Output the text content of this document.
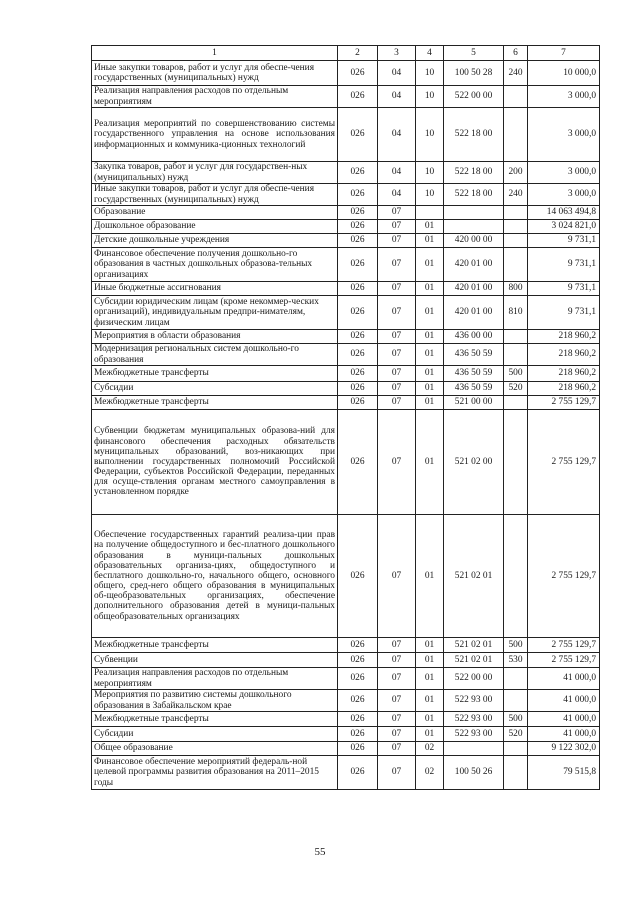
1	2	3	4	5	6	7
Иные закупки товаров, работ и услуг для обеспе-чения государственных (муниципальных) нужд	026	04	10	100 50 28	240	10 000,0
Реализация направления расходов по отдельным мероприятиям	026	04	10	522 00 00		3 000,0
Реализация мероприятий по совершенствованию системы государственного управления на основе использования информационных и коммуника-ционных технологий	026	04	10	522 18 00		3 000,0
Закупка товаров, работ и услуг для государствен-ных (муниципальных) нужд	026	04	10	522 18 00	200	3 000,0
Иные закупки товаров, работ и услуг для обеспе-чения государственных (муниципальных) нужд	026	04	10	522 18 00	240	3 000,0
Образование	026	07				14 063 494,8
Дошкольное образование	026	07	01			3 024 821,0
Детские дошкольные учреждения	026	07	01	420 00 00		9 731,1
Финансовое обеспечение получения дошкольно-го образования в частных дошкольных образова-тельных организациях	026	07	01	420 01 00		9 731,1
Иные бюджетные ассигнования	026	07	01	420 01 00	800	9 731,1
Субсидии юридическим лицам (кроме некоммер-ческих организаций), индивидуальным предпри-нимателям, физическим лицам	026	07	01	420 01 00	810	9 731,1
Мероприятия в области образования	026	07	01	436 00 00		218 960,2
Модернизация региональных систем дошкольно-го образования	026	07	01	436 50 59		218 960,2
Межбюджетные трансферты	026	07	01	436 50 59	500	218 960,2
Субсидии	026	07	01	436 50 59	520	218 960,2
Межбюджетные трансферты	026	07	01	521 00 00		2 755 129,7
Субвенции бюджетам муниципальных образова-ний для финансового обеспечения расходных обязательств муниципальных образований, воз-никающих при выполнении государственных полномочий Российской Федерации, субъектов Российской Федерации, переданных для осуще-ствления органам местного самоуправления в установленном порядке	026	07	01	521 02 00		2 755 129,7
Обеспечение государственных гарантий реализа-ции прав на получение общедоступного и бес-платного дошкольного образования в муници-пальных дошкольных образовательных организа-циях, общедоступного и бесплатного дошкольно-го, начального общего, основного общего, сред-него общего образования в муниципальных об-щеобразовательных организациях, обеспечение дополнительного образования детей в муници-пальных общеобразовательных организациях	026	07	01	521 02 01		2 755 129,7
Межбюджетные трансферты	026	07	01	521 02 01	500	2 755 129,7
Субвенции	026	07	01	521 02 01	530	2 755 129,7
Реализация направления расходов по отдельным мероприятиям	026	07	01	522 00 00		41 000,0
Мероприятия по развитию системы дошкольного образования в Забайкальском крае	026	07	01	522 93 00		41 000,0
Межбюджетные трансферты	026	07	01	522 93 00	500	41 000,0
Субсидии	026	07	01	522 93 00	520	41 000,0
Общее образование	026	07	02			9 122 302,0
Финансовое обеспечение мероприятий федераль-ной целевой программы развития образования на 2011–2015 годы	026	07	02	100 50 26		79 515,8
55
